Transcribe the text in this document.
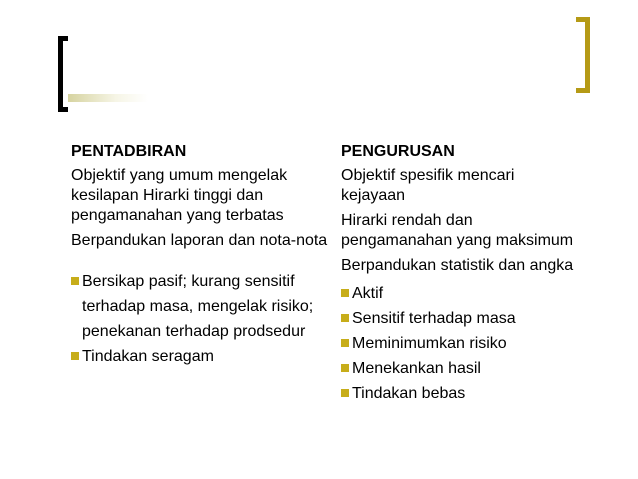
PENTADBIRAN
Objektif yang umum mengelak kesilapan Hirarki tinggi dan pengamanahan yang terbatas
Berpandukan laporan dan nota-nota
Bersikap pasif; kurang sensitif terhadap masa, mengelak risiko; penekanan terhadap prodsedur
Tindakan seragam
PENGURUSAN
Objektif spesifik mencari kejayaan
Hirarki rendah dan pengamanahan yang maksimum
Berpandukan statistik dan angka
Aktif
Sensitif terhadap masa
Meminimumkan risiko
Menekankan hasil
Tindakan bebas
